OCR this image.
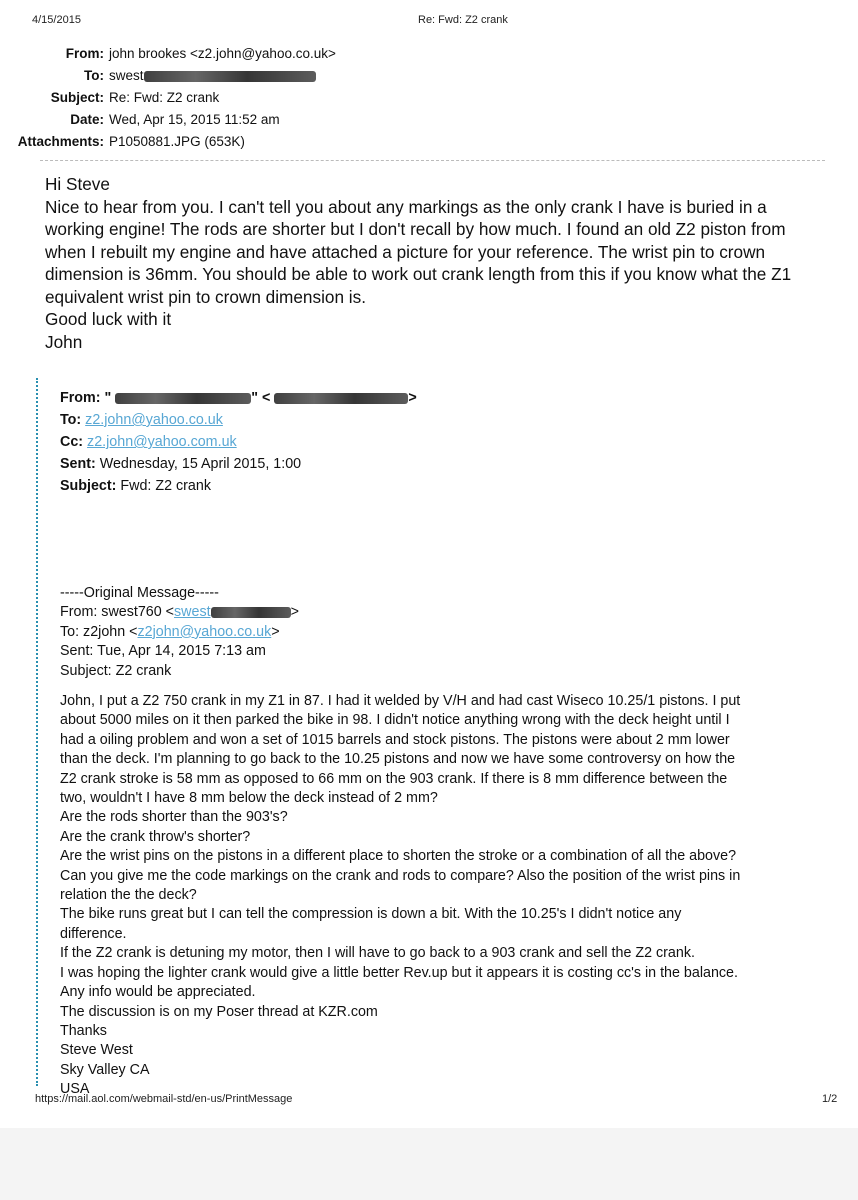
4/15/2015	Re: Fwd: Z2 crank
From: john brookes <z2.john@yahoo.co.uk>
To: swest
Subject: Re: Fwd: Z2 crank
Date: Wed, Apr 15, 2015 11:52 am
Attachments: P1050881.JPG (653K)
Hi Steve
Nice to hear from you. I can't tell you about any markings as the only crank I have is buried in a
working engine! The rods are shorter but I don't recall by how much. I found an old Z2 piston from
when I rebuilt my engine and have attached a picture for your reference. The wrist pin to crown
dimension is 36mm. You should be able to work out crank length from this if you know what the Z1
equivalent wrist pin to crown dimension is.
Good luck with it
John
From: "	" <	>
To: z2.john@yahoo.co.uk
Cc: z2.john@yahoo.com.uk
Sent: Wednesday, 15 April 2015, 1:00
Subject: Fwd: Z2 crank
-----Original Message-----
From: swest760 <swest	>
To: z2john <z2john@yahoo.co.uk>
Sent: Tue, Apr 14, 2015 7:13 am
Subject: Z2 crank
John, I put a Z2 750 crank in my Z1 in 87. I had it welded by V/H and had cast Wiseco 10.25/1 pistons. I put
about 5000 miles on it then parked the bike in 98. I didn't notice anything wrong with the deck height until I
had a oiling problem and won a set of 1015 barrels and stock pistons. The pistons were about 2 mm lower
than the deck. I'm planning to go back to the 10.25 pistons and now we have some controversy on how the
Z2 crank stroke is 58 mm as opposed to 66 mm on the 903 crank. If there is 8 mm difference between the
two, wouldn't I have 8 mm below the deck instead of 2 mm?
Are the rods shorter than the 903's?
Are the crank throw's shorter?
Are the wrist pins on the pistons in a different place to shorten the stroke or a combination of all the above?
Can you give me the code markings on the crank and rods to compare? Also the position of the wrist pins in
relation the the deck?
The bike runs great but I can tell the compression is down a bit. With the 10.25's I didn't notice any
difference.
If the Z2 crank is detuning my motor, then I will have to go back to a 903 crank and sell the Z2 crank.
I was hoping the lighter crank would give a little better Rev.up but it appears it is costing cc's in the balance.
Any info would be appreciated.
The discussion is on my Poser thread at KZR.com
Thanks
Steve West
Sky Valley CA
USA
https://mail.aol.com/webmail-std/en-us/PrintMessage	1/2
